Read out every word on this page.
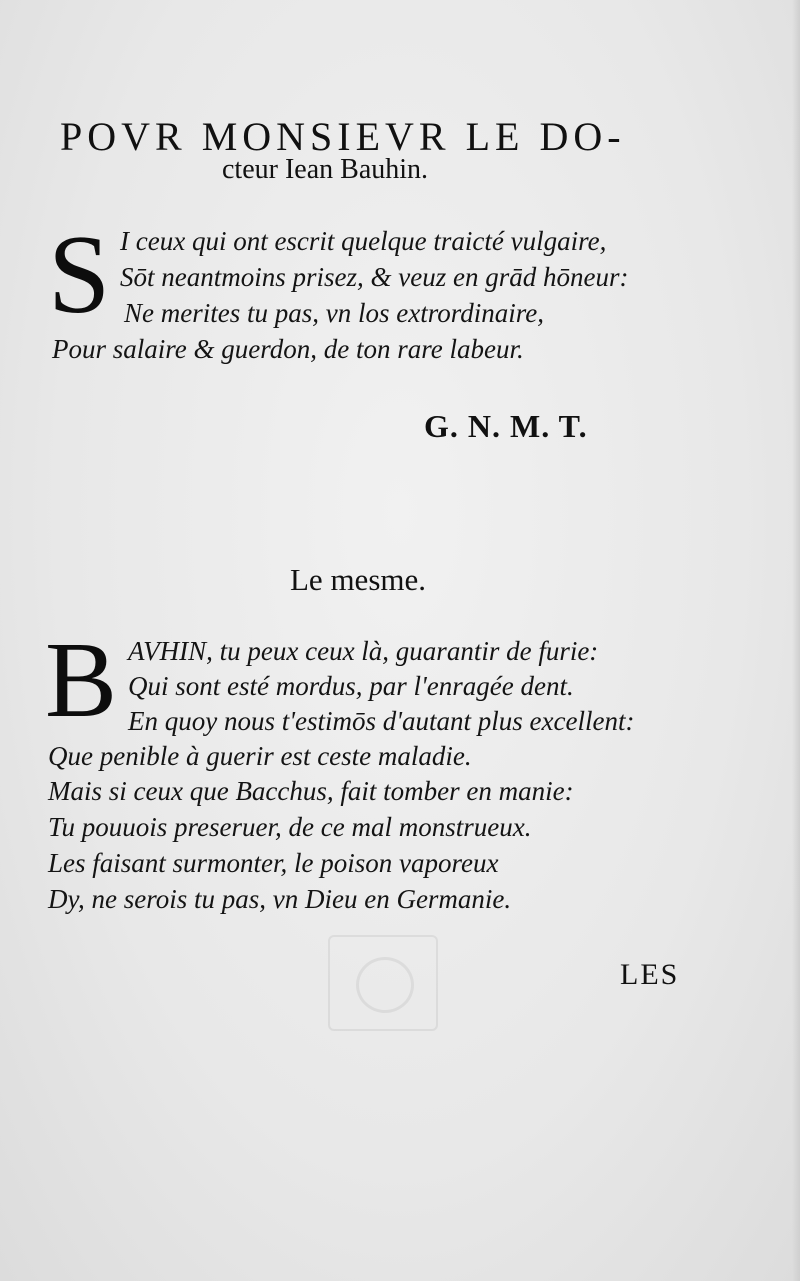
POVR MONSIEVR LE DO-
cteur Iean Bauhin.
S I ceux qui ont escrit quelque traicté vulgaire,
Sōt neantmoins prisez, & veuz en grād hōneur:
Ne merites tu pas, vn los extrordinaire,
Pour salaire & guerdon, de ton rare labeur.
G. N. M. T.
Le mesme.
B AVHIN, tu peux ceux là, guarantir de furie:
Qui sont esté mordus, par l'enragée dent.
En quoy nous t'estimōs d'autant plus excellent:
Que penible à guerir est ceste maladie.
Mais si ceux que Bacchus, fait tomber en manie:
Tu pouuois preseruer, de ce mal monstrueux.
Les faisant surmonter, le poison vaporeux
Dy, ne serois tu pas, vn Dieu en Germanie.
LES
